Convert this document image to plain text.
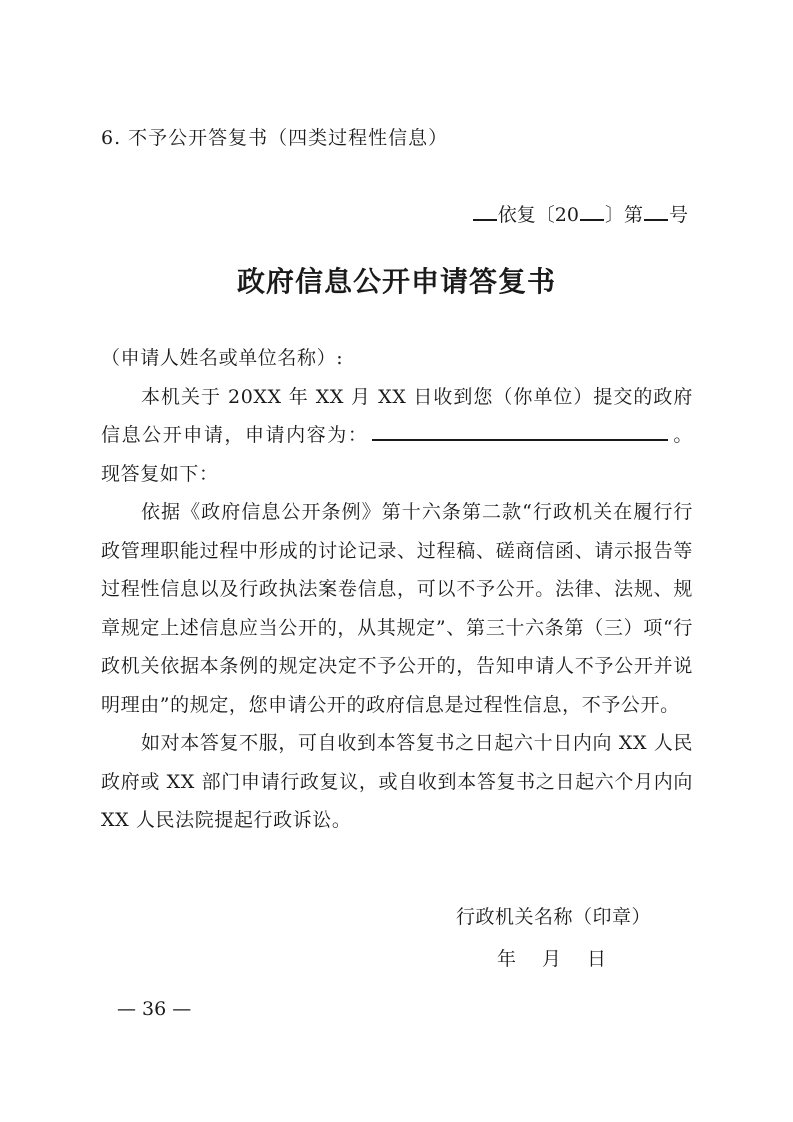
6. 不予公开答复书（四类过程性信息）
依复〔20 〕第 号
政府信息公开申请答复书

（申请人姓名或单位名称）:

本机关于 20XX 年 XX 月 XX 日收到您（你单位）提交的政府信息公开申请，申请内容为：	。现答复如下：

依据《政府信息公开条例》第十六条第二款“行政机关在履行行政管理职能过程中形成的讨论记录、过程稿、磋商信函、请示报告等过程性信息以及行政执法案卷信息，可以不予公开。法律、法规、规章规定上述信息应当公开的，从其规定”、第三十六条第（三）项“行政机关依据本条例的规定决定不予公开的，告知申请人不予公开并说明理由”的规定，您申请公开的政府信息是过程性信息，不予公开。

如对本答复不服，可自收到本答复书之日起六十日内向 XX 人民政府或 XX 部门申请行政复议，或自收到本答复书之日起六个月内向 XX 人民法院提起行政诉讼。

行政机关名称（印章）
年 月 日
— 36 —
